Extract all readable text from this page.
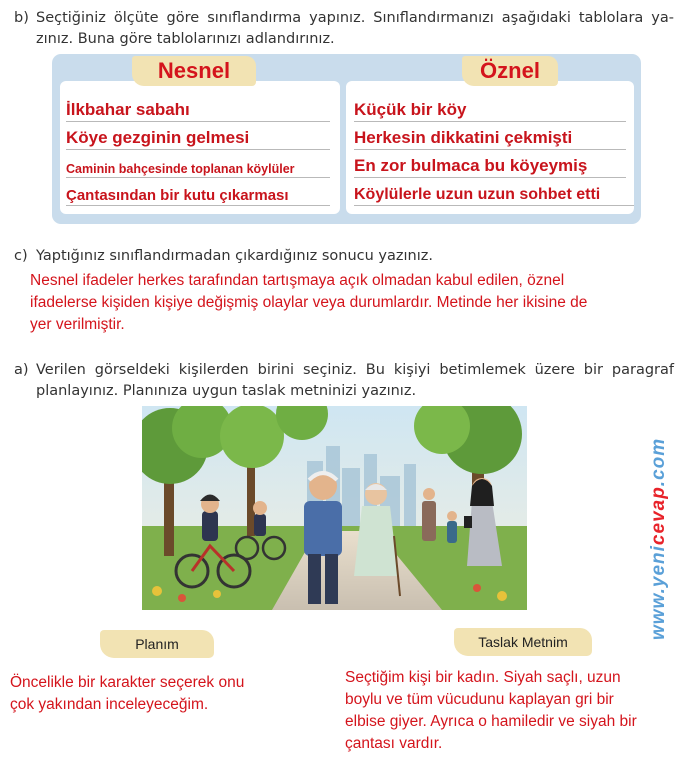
b) Seçtiğiniz ölçüte göre sınıflandırma yapınız. Sınıflandırmanızı aşağıdaki tablolara ya-
zınız. Buna göre tablolarınızı adlandırınız.
İlkbahar sabahı
Köye gezginin gelmesi
Caminin bahçesinde toplanan köylüler
Çantasından bir kutu çıkarması
Küçük bir köy
Herkesin dikkatini çekmişti
En zor bulmaca bu köyeymiş
Köylülerle uzun uzun sohbet etti
Nesnel	Öznel
c) Yaptığınız sınıflandırmadan çıkardığınız sonucu yazınız.
Nesnel ifadeler herkes tarafından tartışmaya açık olmadan kabul edilen, öznel
ifadelerse kişiden kişiye değişmiş olaylar veya durumlardır. Metinde her ikisine de
yer verilmiştir.
a) Verilen görseldeki kişilerden birini seçiniz. Bu kişiyi betimlemek üzere bir paragraf
planlayınız. Planınıza uygun taslak metninizi yazınız.
Planım	Taslak Metnim
Öncelikle bir karakter seçerek onu
çok yakından inceleyeceğim.
Seçtiğim kişi bir kadın. Siyah saçlı, uzun
boylu ve tüm vücudunu kaplayan gri bir
elbise giyer. Ayrıca o hamiledir ve siyah bir
çantası vardır.
www.yenicevap.com
